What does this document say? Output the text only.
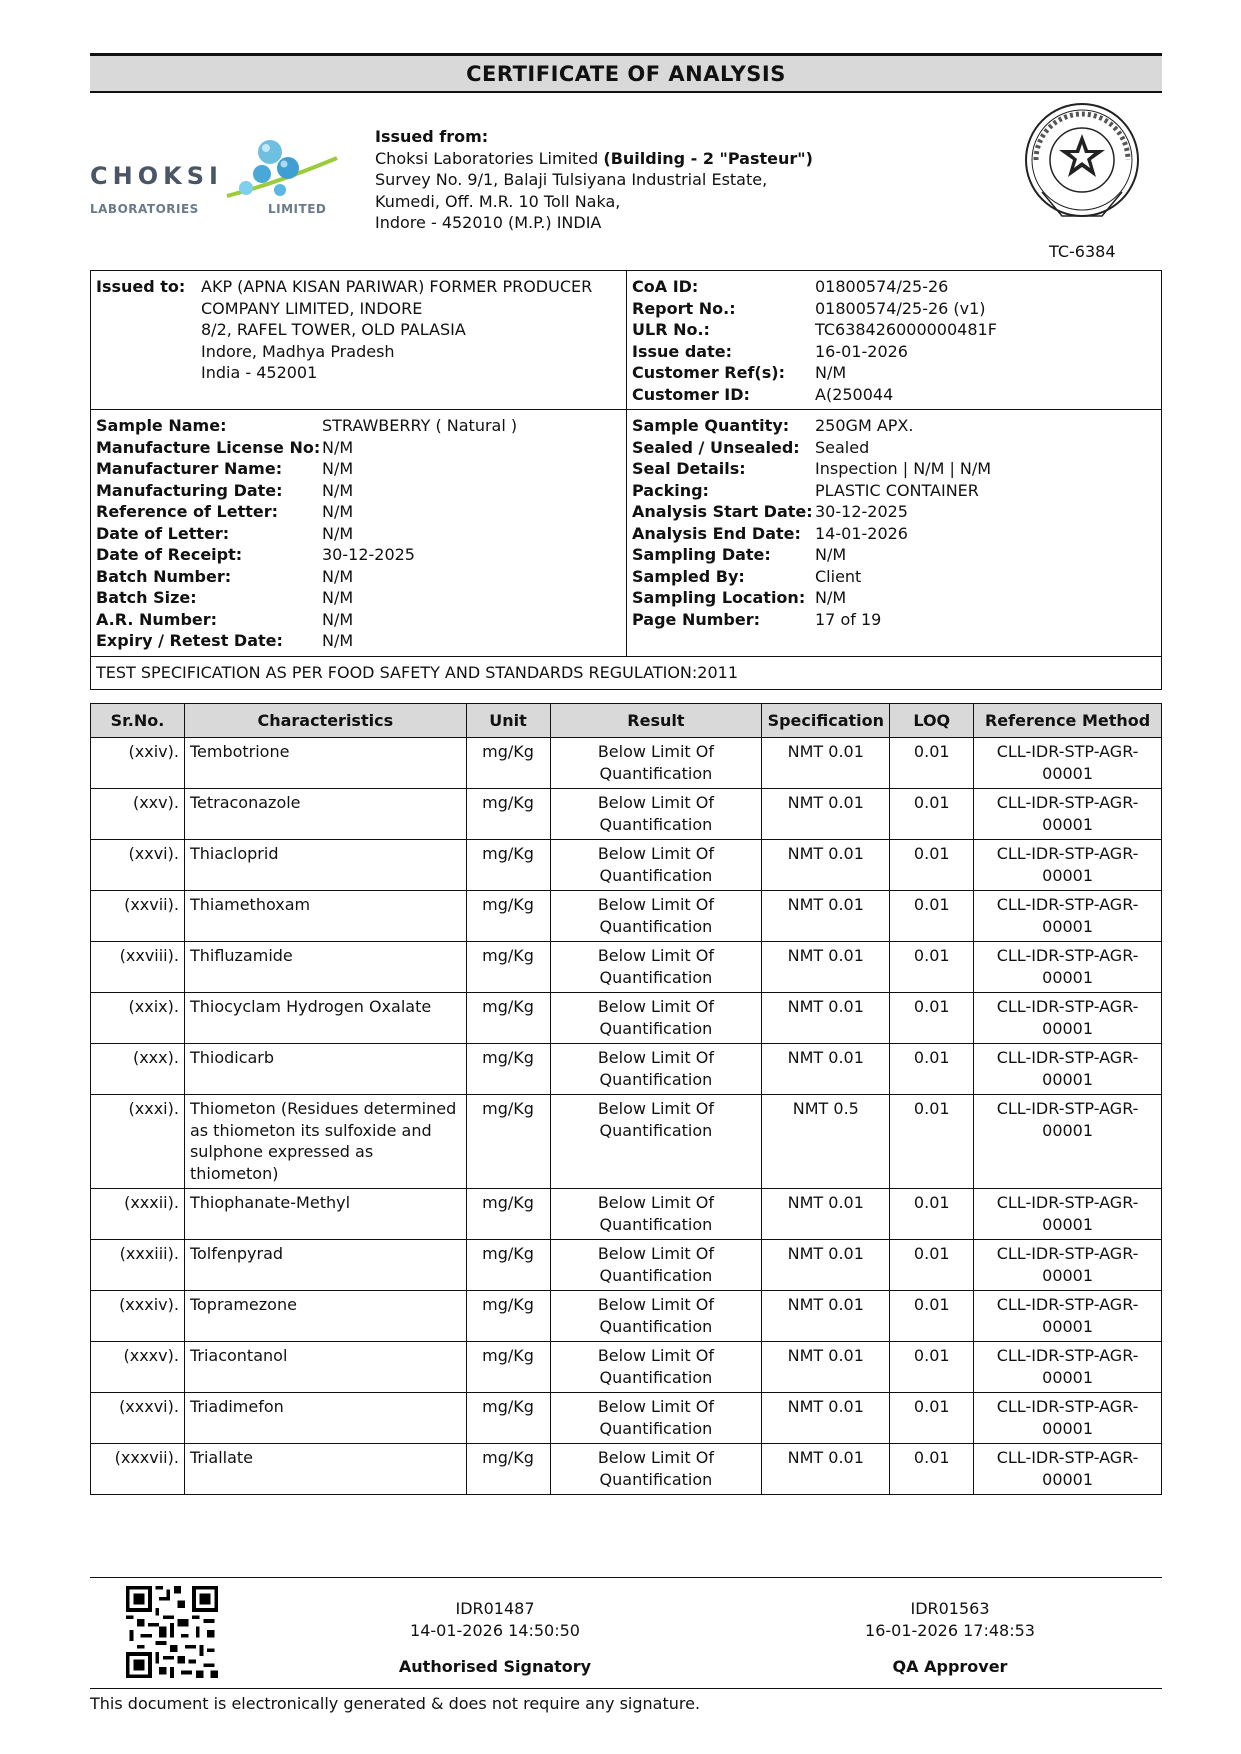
CERTIFICATE OF ANALYSIS
CHOKSI
LABORATORIES	LIMITED
Issued from:
Choksi Laboratories Limited (Building - 2 "Pasteur")
Survey No. 9/1, Balaji Tulsiyana Industrial Estate,
Kumedi, Off. M.R. 10 Toll Naka,
Indore - 452010 (M.P.) INDIA
TC-6384
Issued to: AKP (APNA KISAN PARIWAR) FORMER PRODUCER
COMPANY LIMITED, INDORE
8/2, RAFEL TOWER, OLD PALASIA
Indore, Madhya Pradesh
India - 452001
CoA ID:	01800574/25-26
Report No.:	01800574/25-26 (v1)
ULR No.:	TC638426000000481F
Issue date:	16-01-2026
Customer Ref(s):	N/M
Customer ID:	A(250044
Sample Name:	STRAWBERRY ( Natural )
Manufacture License No: N/M
Manufacturer Name:	N/M
Manufacturing Date:	N/M
Reference of Letter:	N/M
Date of Letter:	N/M
Date of Receipt:	30-12-2025
Batch Number:	N/M
Batch Size:	N/M
A.R. Number:	N/M
Expiry / Retest Date:	N/M
Sample Quantity:	250GM APX.
Sealed / Unsealed: Sealed
Seal Details:	Inspection | N/M | N/M
Packing:	PLASTIC CONTAINER
Analysis Start Date: 30-12-2025
Analysis End Date: 14-01-2026
Sampling Date:	N/M
Sampled By:	Client
Sampling Location: N/M
Page Number:	17 of 19
TEST SPECIFICATION AS PER FOOD SAFETY AND STANDARDS REGULATION:2011
Sr.No.	Characteristics	Unit	Result	Specification	LOQ	Reference Method
(xxiv).	Tembotrione	mg/Kg	Below Limit Of Quantification	NMT 0.01	0.01	CLL-IDR-STP-AGR-00001
(xxv).	Tetraconazole	mg/Kg	Below Limit Of Quantification	NMT 0.01	0.01	CLL-IDR-STP-AGR-00001
(xxvi).	Thiacloprid	mg/Kg	Below Limit Of Quantification	NMT 0.01	0.01	CLL-IDR-STP-AGR-00001
(xxvii).	Thiamethoxam	mg/Kg	Below Limit Of Quantification	NMT 0.01	0.01	CLL-IDR-STP-AGR-00001
(xxviii).	Thifluzamide	mg/Kg	Below Limit Of Quantification	NMT 0.01	0.01	CLL-IDR-STP-AGR-00001
(xxix).	Thiocyclam Hydrogen Oxalate	mg/Kg	Below Limit Of Quantification	NMT 0.01	0.01	CLL-IDR-STP-AGR-00001
(xxx).	Thiodicarb	mg/Kg	Below Limit Of Quantification	NMT 0.01	0.01	CLL-IDR-STP-AGR-00001
(xxxi).	Thiometon (Residues determined as thiometon its sulfoxide and sulphone expressed as thiometon)	mg/Kg	Below Limit Of Quantification	NMT 0.5	0.01	CLL-IDR-STP-AGR-00001
(xxxii).	Thiophanate-Methyl	mg/Kg	Below Limit Of Quantification	NMT 0.01	0.01	CLL-IDR-STP-AGR-00001
(xxxiii).	Tolfenpyrad	mg/Kg	Below Limit Of Quantification	NMT 0.01	0.01	CLL-IDR-STP-AGR-00001
(xxxiv).	Topramezone	mg/Kg	Below Limit Of Quantification	NMT 0.01	0.01	CLL-IDR-STP-AGR-00001
(xxxv).	Triacontanol	mg/Kg	Below Limit Of Quantification	NMT 0.01	0.01	CLL-IDR-STP-AGR-00001
(xxxvi).	Triadimefon	mg/Kg	Below Limit Of Quantification	NMT 0.01	0.01	CLL-IDR-STP-AGR-00001
(xxxvii).	Triallate	mg/Kg	Below Limit Of Quantification	NMT 0.01	0.01	CLL-IDR-STP-AGR-00001
IDR01487
14-01-2026 14:50:50
Authorised Signatory
IDR01563
16-01-2026 17:48:53
QA Approver
This document is electronically generated & does not require any signature.
